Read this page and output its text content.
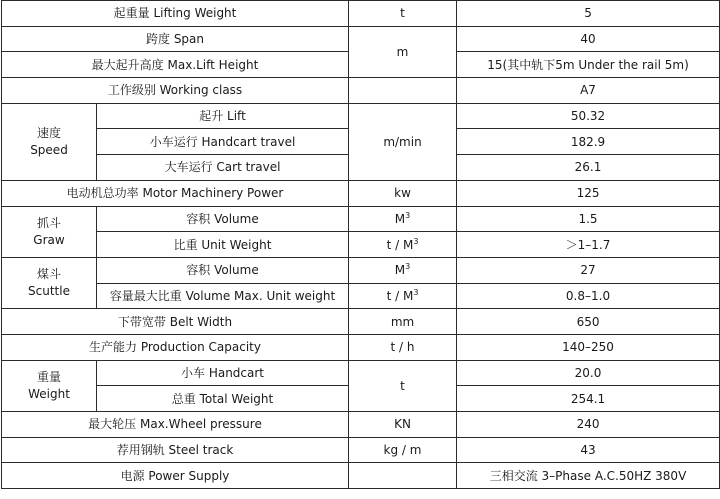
起重量 Lifting Weight		t	5
跨度 Span		m	40
最大起升高度 Max.Lift Height			15(其中轨下5m Under the rail 5m)
工作级别 Working class			A7

速度
Speed	起升 Lift	m/min	50.32
	小车运行 Handcart travel		182.9
	大车运行 Cart travel		26.1
电动机总功率 Motor Machinery Power		kw	125

抓斗
Graw	容积 Volume	$M^3$	1.5
	比重 Unit Weight	t / $M^3$	＞1–1.7

煤斗
Scuttle	容积 Volume	$M^3$	27
	容量最大比重 Volume Max. Unit weight	t / $M^3$	0.8–1.0
下带宽带 Belt Width		mm	650
生产能力 Production Capacity		t / h	140–250

重量
Weight	小车 Handcart	t	20.0
	总重 Total Weight		254.1
最大轮压 Max.Wheel pressure		KN	240
荐用钢轨 Steel track		kg / m	43
电源 Power Supply			三相交流 3–Phase A.C.50HZ 380V
